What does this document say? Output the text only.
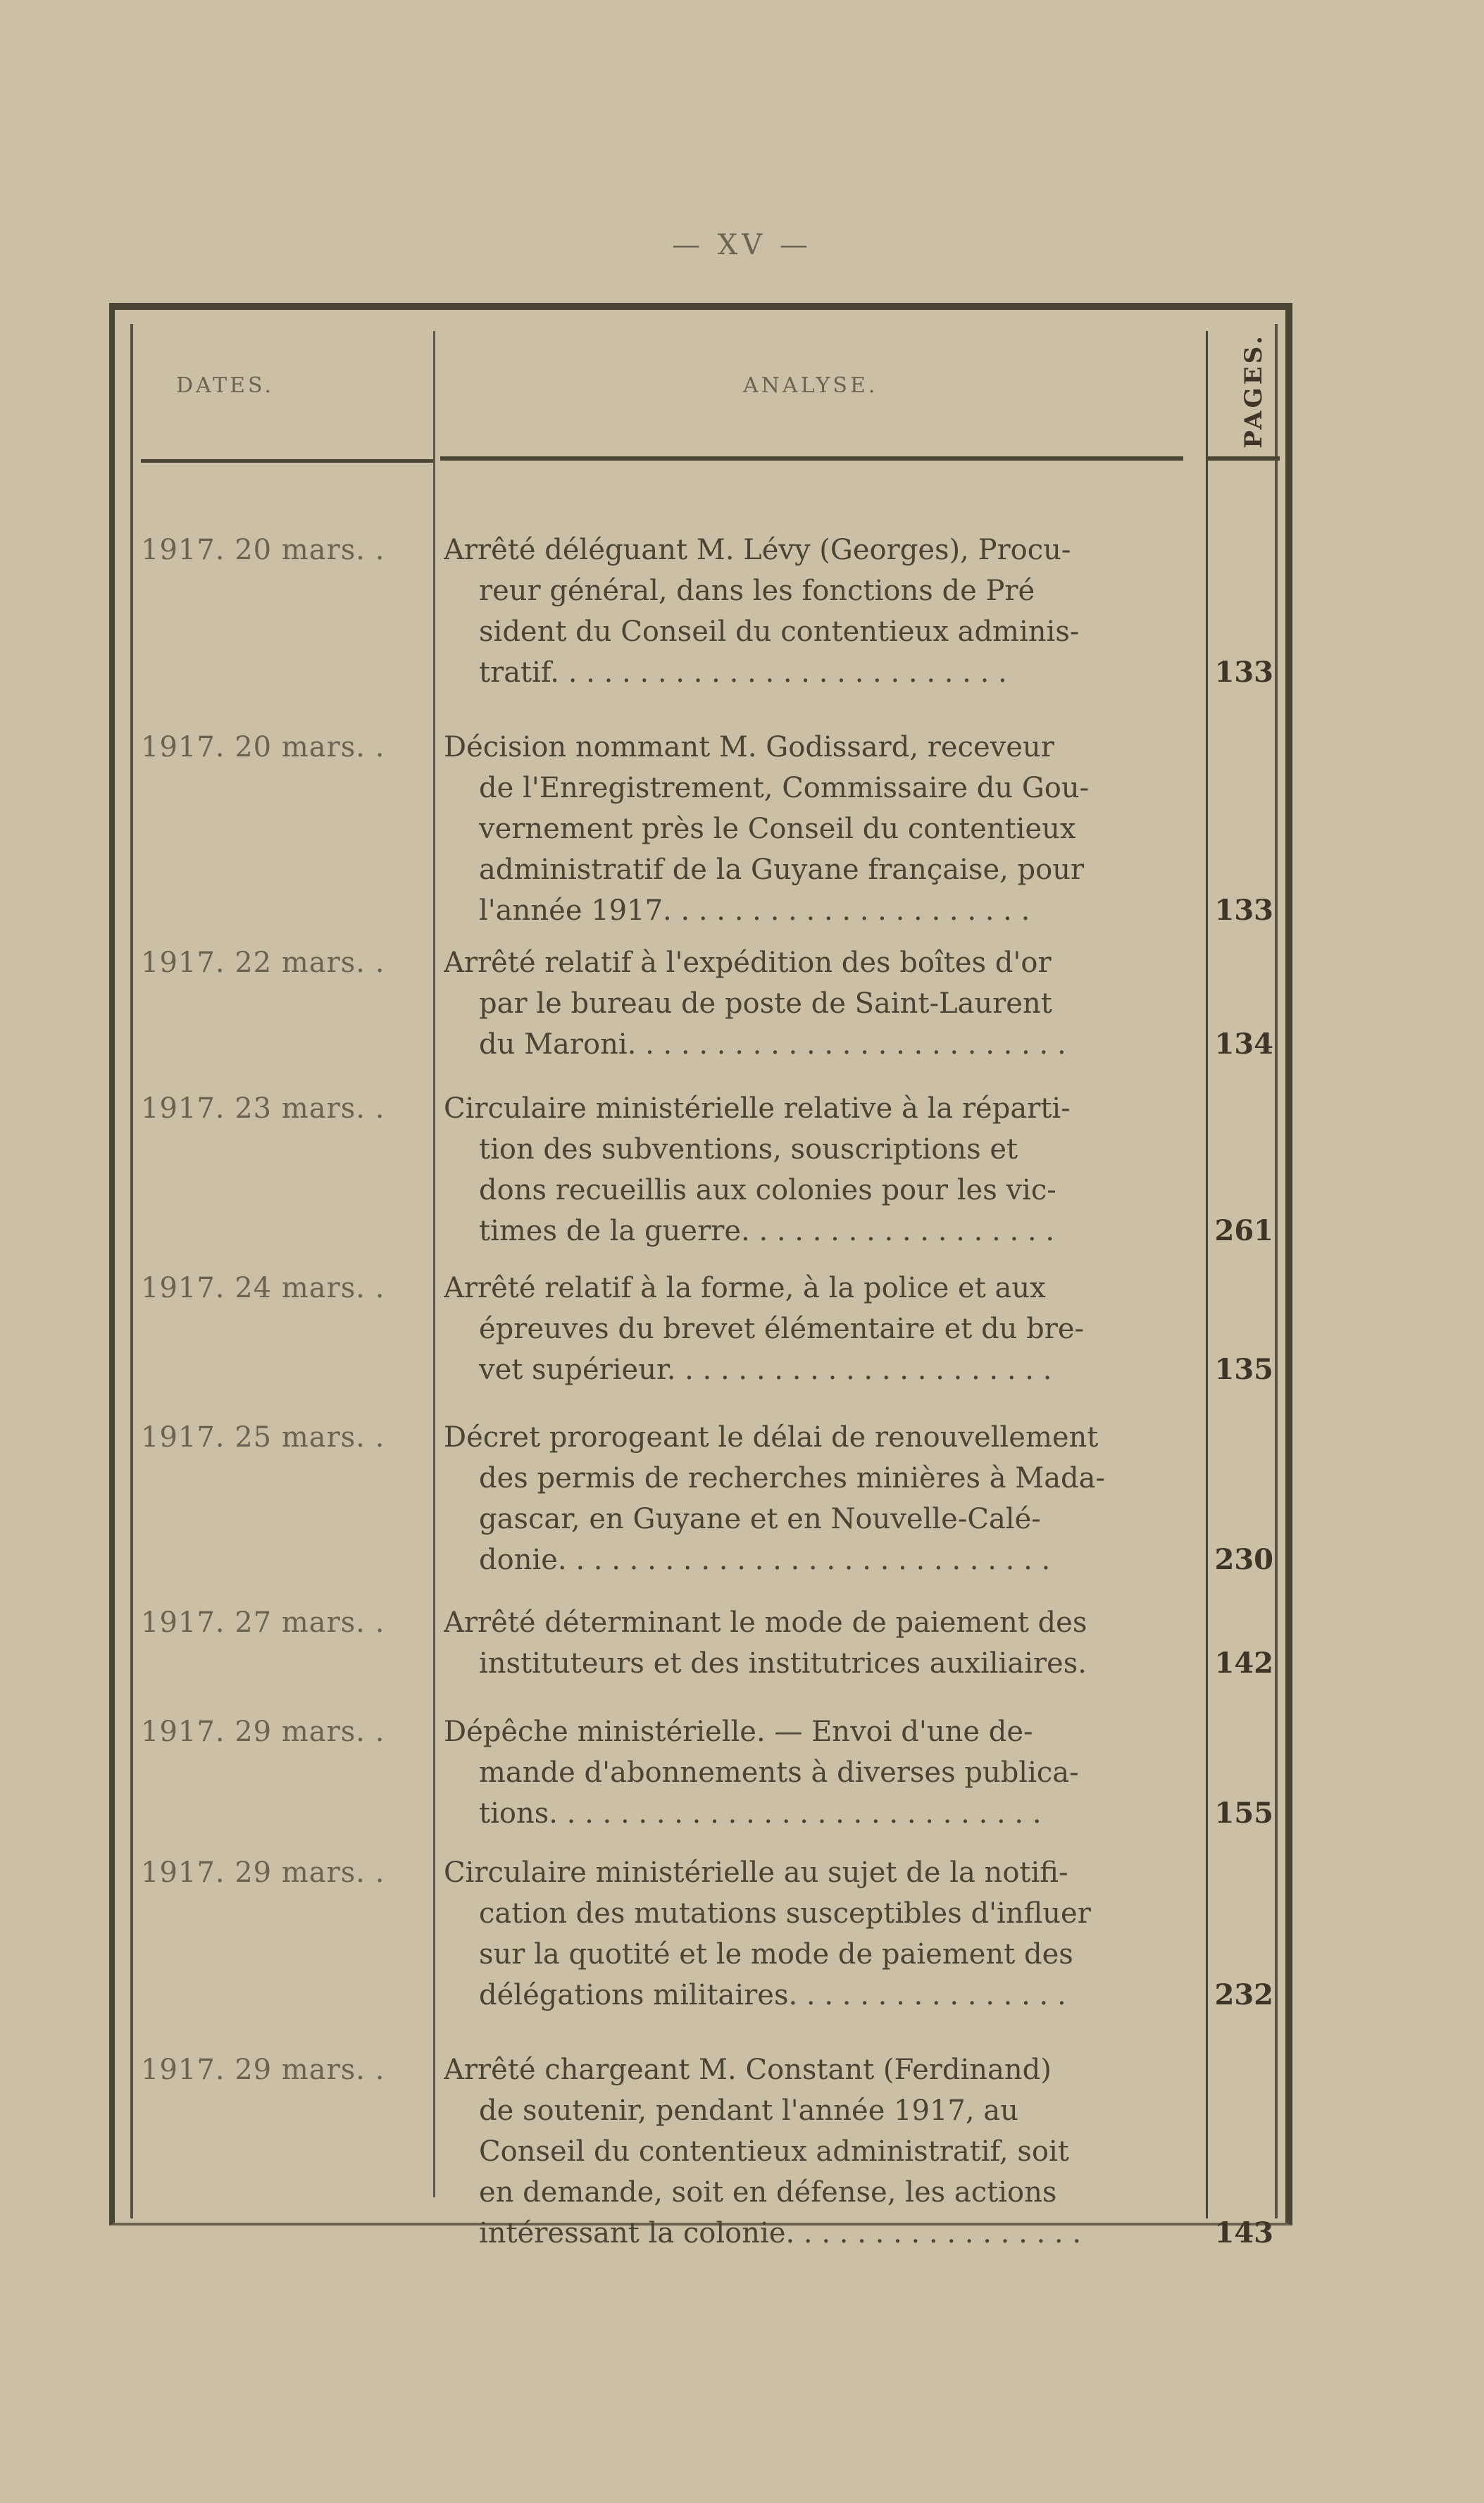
— XV —
DATES.	ANALYSE.	PAGES.
1917. 20 mars. .	Arrêté déléguant M. Lévy (Georges), Procu-
reur général, dans les fonctions de Pré
sident du Conseil du contentieux adminis-
tratif. . . . . . . . . . . . . . . . . . . . . . . . . .	133
1917. 20 mars. .	Décision nommant M. Godissard, receveur
de l'Enregistrement, Commissaire du Gou-
vernement près le Conseil du contentieux
administratif de la Guyane française, pour
l'année 1917. . . . . . . . . . . . . . . . . . . . .	133
1917. 22 mars. .	Arrêté relatif à l'expédition des boîtes d'or
par le bureau de poste de Saint-Laurent
du Maroni. . . . . . . . . . . . . . . . . . . . . . . . .	134
1917. 23 mars. .	Circulaire ministérielle relative à la réparti-
tion des subventions, souscriptions et
dons recueillis aux colonies pour les vic-
times de la guerre. . . . . . . . . . . . . . . . . .	261
1917. 24 mars. .	Arrêté relatif à la forme, à la police et aux
épreuves du brevet élémentaire et du bre-
vet supérieur. . . . . . . . . . . . . . . . . . . . . .	135
1917. 25 mars. .	Décret prorogeant le délai de renouvellement
des permis de recherches minières à Mada-
gascar, en Guyane et en Nouvelle-Calé-
donie. . . . . . . . . . . . . . . . . . . . . . . . . . . .	230
1917. 27 mars. .	Arrêté déterminant le mode de paiement des
instituteurs et des institutrices auxiliaires.	142
1917. 29 mars. .	Dépêche ministérielle. — Envoi d'une de-
mande d'abonnements à diverses publica-
tions. . . . . . . . . . . . . . . . . . . . . . . . . . . .	155
1917. 29 mars. .	Circulaire ministérielle au sujet de la notifi-
cation des mutations susceptibles d'influer
sur la quotité et le mode de paiement des
délégations militaires. . . . . . . . . . . . . . . .	232
1917. 29 mars. .	Arrêté chargeant M. Constant (Ferdinand)
de soutenir, pendant l'année 1917, au
Conseil du contentieux administratif, soit
en demande, soit en défense, les actions
intéressant la colonie. . . . . . . . . . . . . . . . .	143
